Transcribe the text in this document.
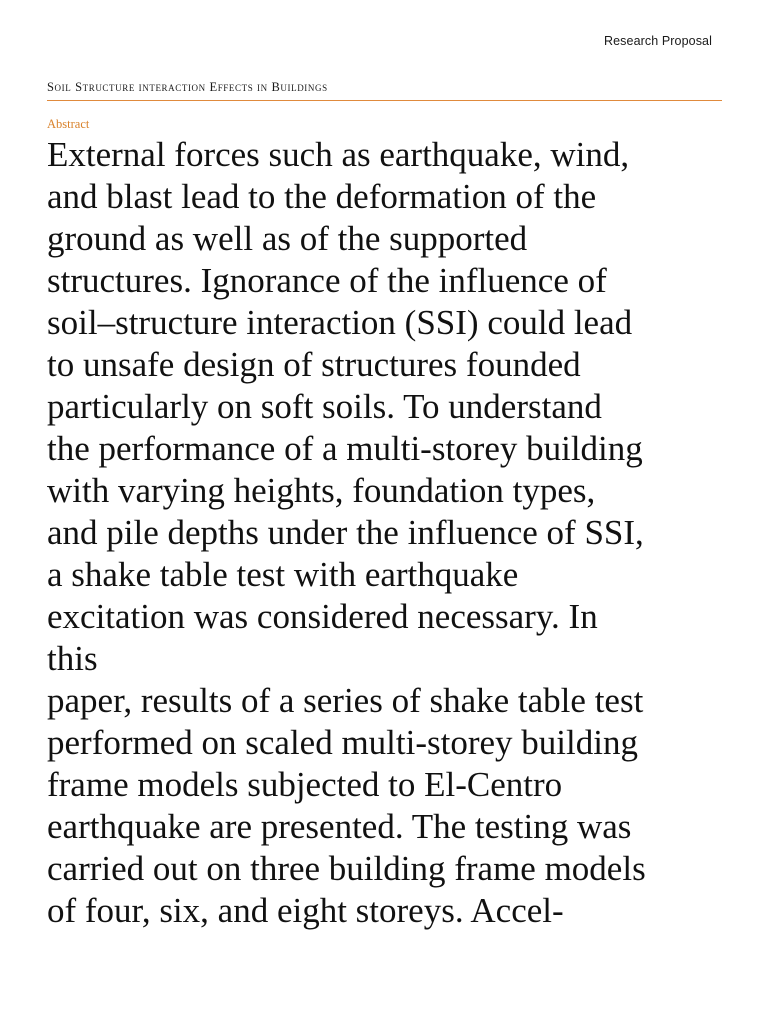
Research Proposal
Soil Structure interaction Effects in Buildings
Abstract

External forces such as earthquake, wind,
and blast lead to the deformation of the
ground as well as of the supported
structures. Ignorance of the influence of
soil–structure interaction (SSI) could lead
to unsafe design of structures founded
particularly on soft soils. To understand
the performance of a multi-storey building
with varying heights, foundation types,
and pile depths under the influence of SSI,
a shake table test with earthquake
excitation was considered necessary. In
this
paper, results of a series of shake table test
performed on scaled multi-storey building
frame models subjected to El-Centro
earthquake are presented. The testing was
carried out on three building frame models
of four, six, and eight storeys. Accel-
